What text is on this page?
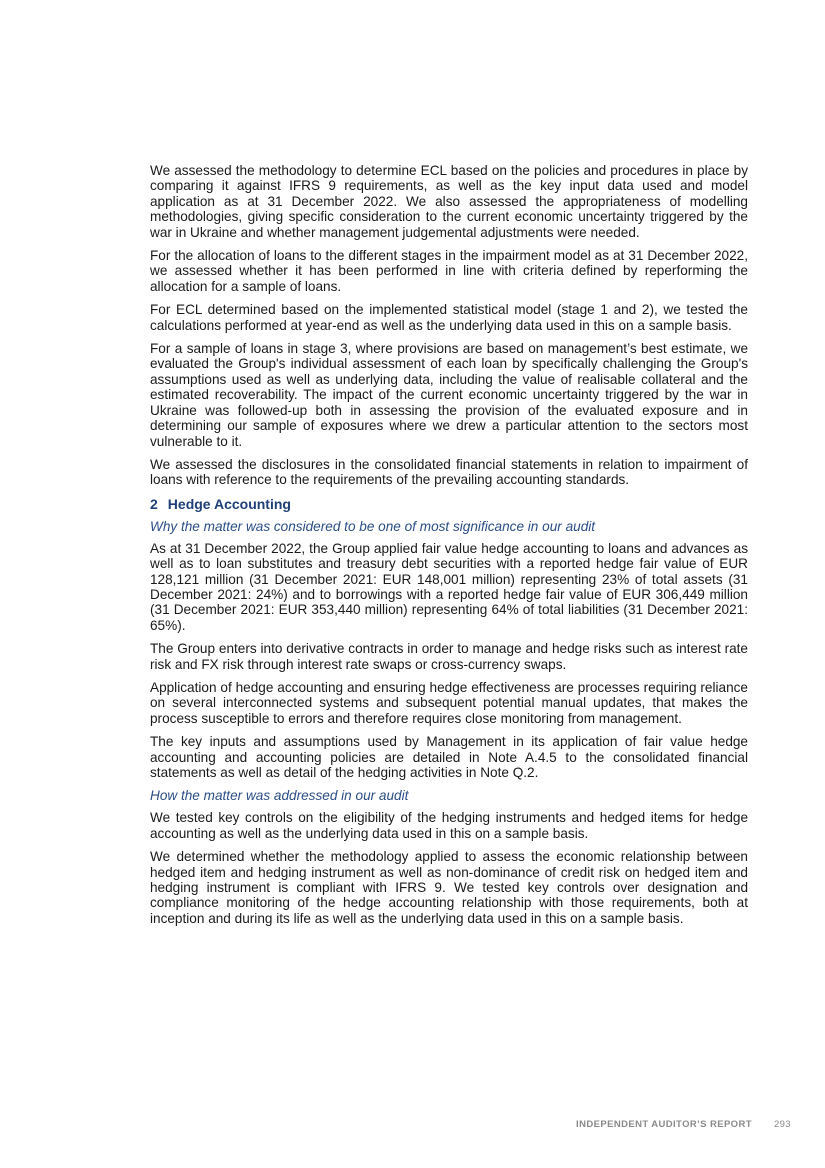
We assessed the methodology to determine ECL based on the policies and procedures in place by comparing it against IFRS 9 requirements, as well as the key input data used and model application as at 31 December 2022. We also assessed the appropriateness of modelling methodologies, giving specific consideration to the current economic uncertainty triggered by the war in Ukraine and whether management judgemental adjustments were needed.

For the allocation of loans to the different stages in the impairment model as at 31 December 2022, we assessed whether it has been performed in line with criteria defined by reperforming the allocation for a sample of loans.

For ECL determined based on the implemented statistical model (stage 1 and 2), we tested the calculations performed at year-end as well as the underlying data used in this on a sample basis.

For a sample of loans in stage 3, where provisions are based on management’s best estimate, we evaluated the Group's individual assessment of each loan by specifically challenging the Group's assumptions used as well as underlying data, including the value of realisable collateral and the estimated recoverability. The impact of the current economic uncertainty triggered by the war in Ukraine was followed-up both in assessing the provision of the evaluated exposure and in determining our sample of exposures where we drew a particular attention to the sectors most vulnerable to it.

We assessed the disclosures in the consolidated financial statements in relation to impairment of loans with reference to the requirements of the prevailing accounting standards.

2 Hedge Accounting
Why the matter was considered to be one of most significance in our audit

As at 31 December 2022, the Group applied fair value hedge accounting to loans and advances as well as to loan substitutes and treasury debt securities with a reported hedge fair value of EUR 128,121 million (31 December 2021: EUR 148,001 million) representing 23% of total assets (31 December 2021: 24%) and to borrowings with a reported hedge fair value of EUR 306,449 million (31 December 2021: EUR 353,440 million) representing 64% of total liabilities (31 December 2021: 65%).

The Group enters into derivative contracts in order to manage and hedge risks such as interest rate risk and FX risk through interest rate swaps or cross-currency swaps.

Application of hedge accounting and ensuring hedge effectiveness are processes requiring reliance on several interconnected systems and subsequent potential manual updates, that makes the process susceptible to errors and therefore requires close monitoring from management.

The key inputs and assumptions used by Management in its application of fair value hedge accounting and accounting policies are detailed in Note A.4.5 to the consolidated financial statements as well as detail of the hedging activities in Note Q.2.

How the matter was addressed in our audit

We tested key controls on the eligibility of the hedging instruments and hedged items for hedge accounting as well as the underlying data used in this on a sample basis.

We determined whether the methodology applied to assess the economic relationship between hedged item and hedging instrument as well as non-dominance of credit risk on hedged item and hedging instrument is compliant with IFRS 9. We tested key controls over designation and compliance monitoring of the hedge accounting relationship with those requirements, both at inception and during its life as well as the underlying data used in this on a sample basis.

INDEPENDENT AUDITOR’S REPORT 293
